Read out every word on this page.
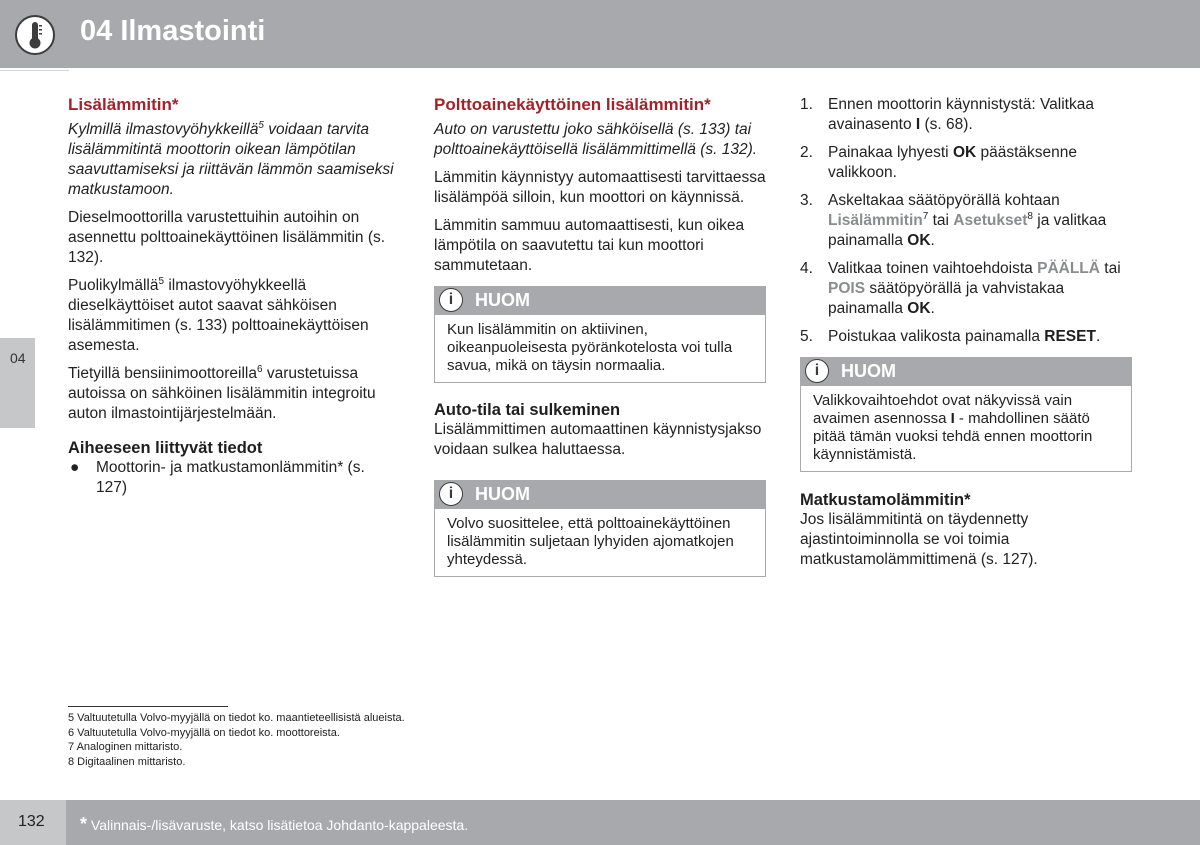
04 Ilmastointi
04
Lisälämmitin*

Kylmillä ilmastovyöhykkeillä$^5$ voidaan tarvita lisälämmitintä moottorin oikean lämpötilan saavuttamiseksi ja riittävän lämmön saamiseksi matkustamoon.

Dieselmoottorilla varustettuihin autoihin on asennettu polttoainekäyttöinen lisälämmitin (s. 132).

Puolikylmällä$^5$ ilmastovyöhykkeellä dieselkäyttöiset autot saavat sähköisen lisälämmitimen (s. 133) polttoainekäyttöisen asemesta.

Tietyillä bensiinimoottoreilla$^6$ varustetuissa autoissa on sähköinen lisälämmitin integroitu auton ilmastointijärjestelmään.

Aiheeseen liittyvät tiedot
● Moottorin- ja matkustamonlämmitin* (s. 127)
Polttoainekäyttöinen lisälämmitin*

Auto on varustettu joko sähköisellä (s. 133) tai polttoainekäyttöisellä lisälämmittimellä (s. 132).

Lämmitin käynnistyy automaattisesti tarvittaessa lisälämpöä silloin, kun moottori on käynnissä.

Lämmitin sammuu automaattisesti, kun oikea lämpötila on saavutettu tai kun moottori sammutetaan.

i	HUOM
Kun lisälämmitin on aktiivinen, oikeanpuoleisesta pyöränkotelosta voi tulla savua, mikä on täysin normaalia.
Auto-tila tai sulkeminen

Lisälämmittimen automaattinen käynnistysjakso voidaan sulkea haluttaessa.

i	HUOM
Volvo suosittelee, että polttoainekäyttöinen lisälämmitin suljetaan lyhyiden ajomatkojen yhteydessä.
1. Ennen moottorin käynnistystä: Valitkaa avainasento I (s. 68).
2. Painakaa lyhyesti OK päästäksenne valikkoon.
3. Askeltakaa säätöpyörällä kohtaan Lisälämmitin$^7$ tai Asetukset$^8$ ja valitkaa painamalla OK.
4. Valitkaa toinen vaihtoehdoista PÄÄLLÄ tai POIS säätöpyörällä ja vahvistakaa painamalla OK.
5. Poistukaa valikosta painamalla RESET.
i	HUOM
Valikkovaihtoehdot ovat näkyvissä vain avaimen asennossa I - mahdollinen säätö pitää tämän vuoksi tehdä ennen moottorin käynnistämistä.
Matkustamolämmitin*

Jos lisälämmitintä on täydennetty ajastintoiminnolla se voi toimia matkustamolämmittimenä (s. 127).

5 Valtuutetulla Volvo-myyjällä on tiedot ko. maantieteellisistä alueista.
6 Valtuutetulla Volvo-myyjällä on tiedot ko. moottoreista.
7 Analoginen mittaristo.
8 Digitaalinen mittaristo.
132 * Valinnais-/lisävaruste, katso lisätietoa Johdanto-kappaleesta.
